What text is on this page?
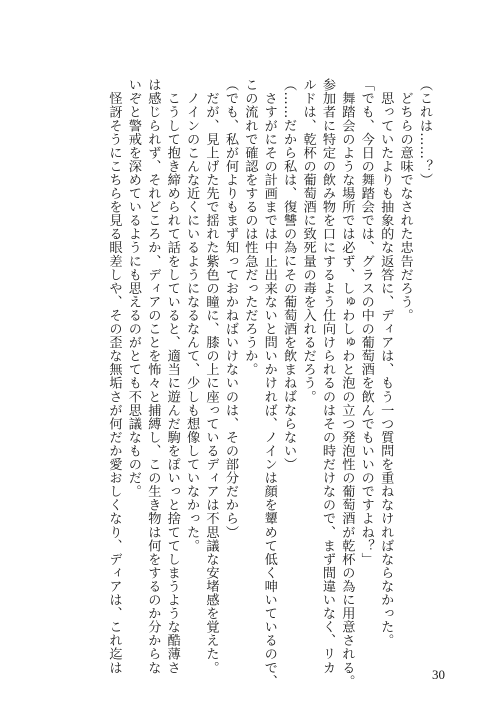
（これは……？）
　どちらの意味でなされた忠告だろう。
　思っていたよりも抽象的な返答に、ディアは、もう一つ質問を重ねなければならなかった。
「でも、今日の舞踏会では、グラスの中の葡萄酒を飲んでもいいのですよね？」
　舞踏会のような場所では必ず、しゅわしゅわと泡の立つ発泡性の葡萄酒が乾杯の為に用意される。
参加者に特定の飲み物を口にするよう仕向けられるのはその時だけなので、まず間違いなく、リカ
ルドは、乾杯の葡萄酒に致死量の毒を入れるだろう。
（……だから私は、復讐の為にその葡萄酒を飲まねばならない）
　さすがにその計画までは中止出来ないと問いかければ、ノインは顔を顰めて低く呻いているので、
この流れで確認をするのは性急だっただろうか。
（でも、私が何よりもまず知っておかねばいけないのは、その部分だから）
　だが、見上げた先で揺れた紫色の瞳に、膝の上に座っているディアは不思議な安堵感を覚えた。
　ノインのこんな近くにいるようになるなんて、少しも想像していなかった。
　こうして抱き締められて話をしていると、適当に遊んだ駒をぽいっと捨ててしまうような酷薄さ
は感じられず、それどころか、ディアのことを怖々と捕縛し、この生き物は何をするのか分からな
いぞと警戒を深めているようにも思えるのがとても不思議なものだ。
　怪訝そうにこちらを見る眼差しや、その歪な無垢さが何だか愛おしくなり、ディアは、これ迄は
30
